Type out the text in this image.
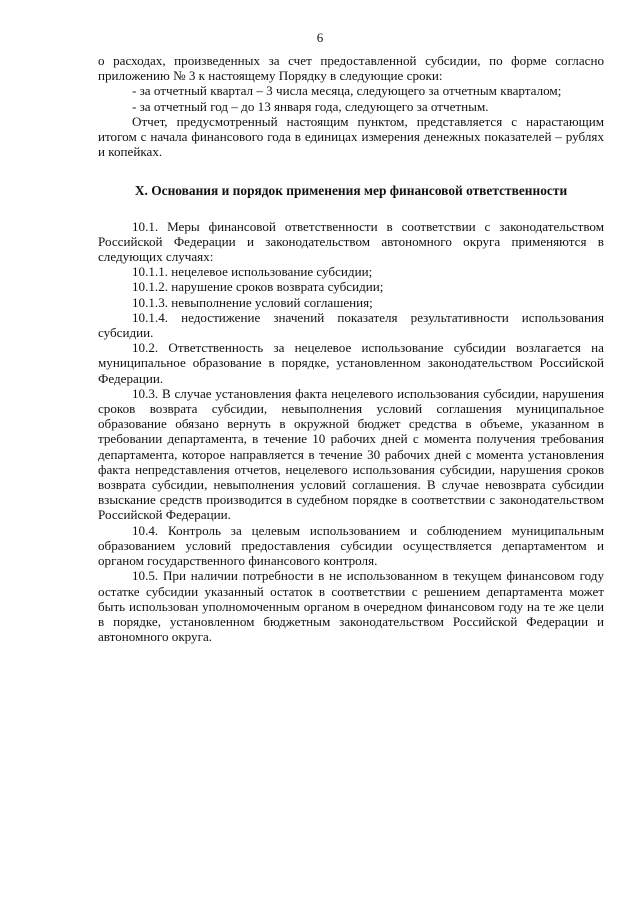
6

о расходах, произведенных за счет предоставленной субсидии, по форме согласно приложению № 3 к настоящему Порядку в следующие сроки:

- за отчетный квартал – 3 числа месяца, следующего за отчетным кварталом;

- за отчетный год – до 13 января года, следующего за отчетным.

Отчет, предусмотренный настоящим пунктом, представляется с нарастающим итогом с начала финансового года в единицах измерения денежных показателей – рублях и копейках.

X. Основания и порядок применения мер финансовой ответственности

10.1. Меры финансовой ответственности в соответствии с законодательством Российской Федерации и законодательством автономного округа применяются в следующих случаях:

10.1.1. нецелевое использование субсидии;

10.1.2. нарушение сроков возврата субсидии;

10.1.3. невыполнение условий соглашения;

10.1.4. недостижение значений показателя результативности использования субсидии.

10.2. Ответственность за нецелевое использование субсидии возлагается на муниципальное образование в порядке, установленном законодательством Российской Федерации.

10.3. В случае установления факта нецелевого использования субсидии, нарушения сроков возврата субсидии, невыполнения условий соглашения муниципальное образование обязано вернуть в окружной бюджет средства в объеме, указанном в требовании департамента, в течение 10 рабочих дней с момента получения требования департамента, которое направляется в течение 30 рабочих дней с момента установления факта непредставления отчетов, нецелевого использования субсидии, нарушения сроков возврата субсидии, невыполнения условий соглашения. В случае невозврата субсидии взыскание средств производится в судебном порядке в соответствии с законодательством Российской Федерации.

10.4. Контроль за целевым использованием и соблюдением муниципальным образованием условий предоставления субсидии осуществляется департаментом и органом государственного финансового контроля.

10.5. При наличии потребности в не использованном в текущем финансовом году остатке субсидии указанный остаток в соответствии с решением департамента может быть использован уполномоченным органом в очередном финансовом году на те же цели в порядке, установленном бюджетным законодательством Российской Федерации и автономного округа.
